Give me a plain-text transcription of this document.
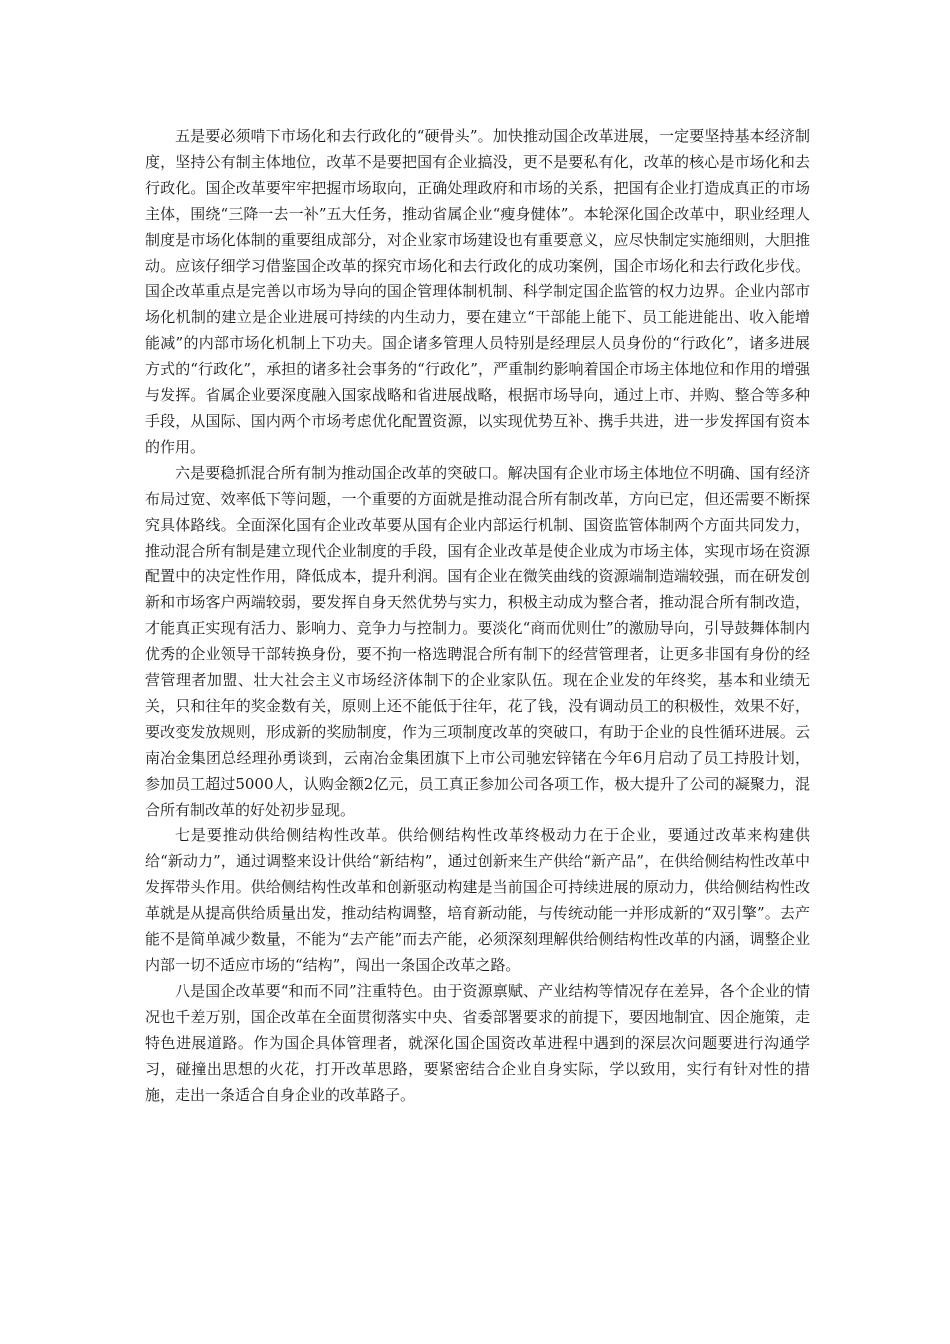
五是要必须啃下市场化和去行政化的“硬骨头”。加快推动国企改革进展，一定要坚持基本经济制度，坚持公有制主体地位，改革不是要把国有企业搞没，更不是要私有化，改革的核心是市场化和去行政化。国企改革要牢牢把握市场取向，正确处理政府和市场的关系，把国有企业打造成真正的市场主体，围绕“三降一去一补”五大任务，推动省属企业“瘦身健体”。本轮深化国企改革中，职业经理人制度是市场化体制的重要组成部分，对企业家市场建设也有重要意义，应尽快制定实施细则，大胆推动。应该仔细学习借鉴国企改革的探究市场化和去行政化的成功案例，国企市场化和去行政化步伐。国企改革重点是完善以市场为导向的国企管理体制机制、科学制定国企监管的权力边界。企业内部市场化机制的建立是企业进展可持续的内生动力，要在建立“干部能上能下、员工能进能出、收入能增能减”的内部市场化机制上下功夫。国企诸多管理人员特别是经理层人员身份的“行政化”，诸多进展方式的“行政化”，承担的诸多社会事务的“行政化”，严重制约影响着国企市场主体地位和作用的增强与发挥。省属企业要深度融入国家战略和省进展战略，根据市场导向，通过上市、并购、整合等多种手段，从国际、国内两个市场考虑优化配置资源，以实现优势互补、携手共进，进一步发挥国有资本的作用。

六是要稳抓混合所有制为推动国企改革的突破口。解决国有企业市场主体地位不明确、国有经济布局过宽、效率低下等问题，一个重要的方面就是推动混合所有制改革，方向已定，但还需要不断探究具体路线。全面深化国有企业改革要从国有企业内部运行机制、国资监管体制两个方面共同发力，推动混合所有制是建立现代企业制度的手段，国有企业改革是使企业成为市场主体，实现市场在资源配置中的决定性作用，降低成本，提升利润。国有企业在微笑曲线的资源端制造端较强，而在研发创新和市场客户两端较弱，要发挥自身天然优势与实力，积极主动成为整合者，推动混合所有制改造，才能真正实现有活力、影响力、竞争力与控制力。要淡化“商而优则仕”的激励导向，引导鼓舞体制内优秀的企业领导干部转换身份，要不拘一格选聘混合所有制下的经营管理者，让更多非国有身份的经营管理者加盟、壮大社会主义市场经济体制下的企业家队伍。现在企业发的年终奖，基本和业绩无关，只和往年的奖金数有关，原则上还不能低于往年，花了钱，没有调动员工的积极性，效果不好，要改变发放规则，形成新的奖励制度，作为三项制度改革的突破口，有助于企业的良性循环进展。云南冶金集团总经理孙勇谈到，云南冶金集团旗下上市公司驰宏锌锗在今年6月启动了员工持股计划，参加员工超过5000人，认购金额2亿元，员工真正参加公司各项工作，极大提升了公司的凝聚力，混合所有制改革的好处初步显现。

七是要推动供给侧结构性改革。供给侧结构性改革终极动力在于企业，要通过改革来构建供给“新动力”，通过调整来设计供给“新结构”，通过创新来生产供给“新产品”，在供给侧结构性改革中发挥带头作用。供给侧结构性改革和创新驱动构建是当前国企可持续进展的原动力，供给侧结构性改革就是从提高供给质量出发，推动结构调整，培育新动能，与传统动能一并形成新的“双引擎”。去产能不是简单减少数量，不能为“去产能”而去产能，必须深刻理解供给侧结构性改革的内涵，调整企业内部一切不适应市场的“结构”，闯出一条国企改革之路。

八是国企改革要“和而不同”注重特色。由于资源禀赋、产业结构等情况存在差异，各个企业的情况也千差万别，国企改革在全面贯彻落实中央、省委部署要求的前提下，要因地制宜、因企施策，走特色进展道路。作为国企具体管理者，就深化国企国资改革进程中遇到的深层次问题要进行沟通学习，碰撞出思想的火花，打开改革思路，要紧密结合企业自身实际，学以致用，实行有针对性的措施，走出一条适合自身企业的改革路子。
